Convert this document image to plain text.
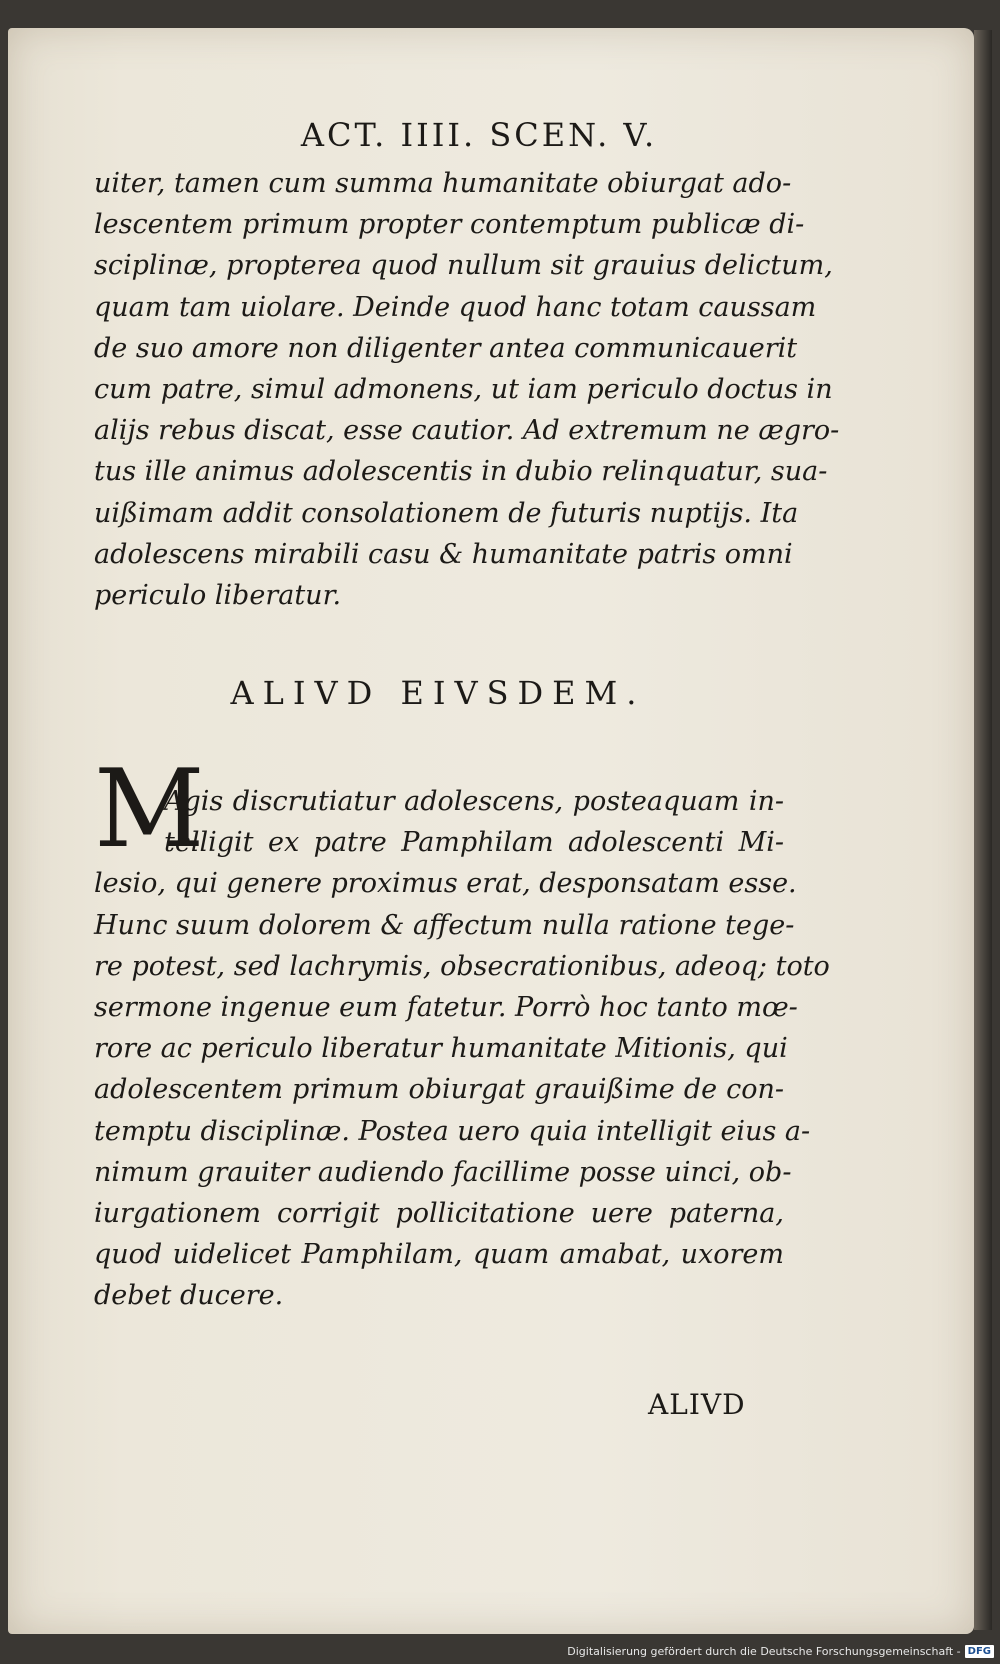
ACT. IIII. SCEN. V.
uiter, tamen cum summa humanitate obiurgat ado-
lescentem primum propter contemptum publicæ di-
sciplinæ, propterea quod nullum sit grauius delictum,
quam tam uiolare. Deinde quod hanc totam caussam
de suo amore non diligenter antea communicauerit
cum patre, simul admonens, ut iam periculo doctus in
alijs rebus discat, esse cautior. Ad extremum ne ægro-
tus ille animus adolescentis in dubio relinquatur, sua-
uißimam addit consolationem de futuris nuptijs. Ita
adolescens mirabili casu & humanitate patris omni
periculo liberatur.
ALIVD EIVSDEM.
M
Agis discrutiatur adolescens, posteaquam in-
telligit ex patre Pamphilam adolescenti Mi-
lesio, qui genere proximus erat, desponsatam esse.
Hunc suum dolorem & affectum nulla ratione tege-
re potest, sed lachrymis, obsecrationibus, adeoq; toto
sermone ingenue eum fatetur. Porrò hoc tanto mœ-
rore ac periculo liberatur humanitate Mitionis, qui
adolescentem primum obiurgat grauißime de con-
temptu disciplinæ. Postea uero quia intelligit eius a-
nimum grauiter audiendo facillime posse uinci, ob-
iurgationem corrigit pollicitatione uere paterna,
quod uidelicet Pamphilam, quam amabat, uxorem
debet ducere.
ALIVD
Digitalisierung gefördert durch die Deutsche Forschungsgemeinschaft - DFG
